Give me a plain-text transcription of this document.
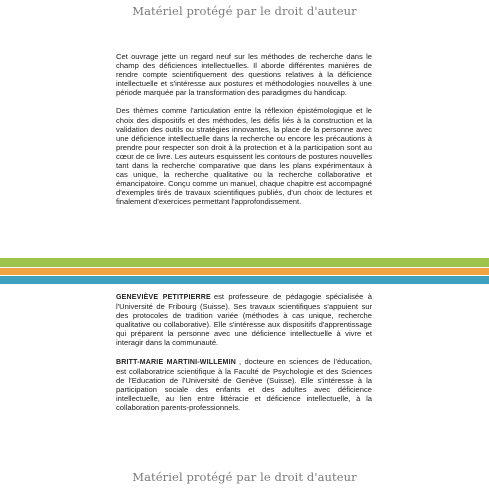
Matériel protégé par le droit d'auteur

Cet ouvrage jette un regard neuf sur les méthodes de recherche dans le champ des déficiences intellectuelles. Il aborde différentes manières de rendre compte scientifiquement des questions relatives à la déficience intellectuelle et s'intéresse aux postures et méthodologies nouvelles à une période marquée par la transformation des paradigmes du handicap.

Des thèmes comme l'articulation entre la réflexion épistémologique et le choix des dispositifs et des méthodes, les défis liés à la construction et la validation des outils ou stratégies innovantes, la place de la personne avec une déficience intellectuelle dans la recherche ou encore les précautions à prendre pour respecter son droit à la protection et à la participation sont au cœur de ce livre. Les auteurs esquissent les contours de postures nouvelles tant dans la recherche comparative que dans les plans expérimentaux à cas unique, la recherche qualitative ou la recherche collaborative et émancipatoire. Conçu comme un manuel, chaque chapitre est accompagné d'exemples tirés de travaux scientifiques publiés, d'un choix de lectures et finalement d'exercices permettant l'approfondissement.

GENEVIÈVE PETITPIERRE est professeure de pédagogie spécialisée à l'Université de Fribourg (Suisse). Ses travaux scientifiques s'appuient sur des protocoles de tradition variée (méthodes à cas unique, recherche qualitative ou collaborative). Elle s'intéresse aux dispositifs d'apprentissage qui préparent la personne avec une déficience intellectuelle à vivre et interagir dans la communauté.

BRITT-MARIE MARTINI-WILLEMIN , docteure en sciences de l'éducation, est collaboratrice scientifique à la Faculté de Psychologie et des Sciences de l'Education de l'Université de Genève (Suisse). Elle s'intéresse à la participation sociale des enfants et des adultes avec déficience intellectuelle, au lien entre littéracie et déficience intellectuelle, à la collaboration parents-professionnels.

Matériel protégé par le droit d'auteur
